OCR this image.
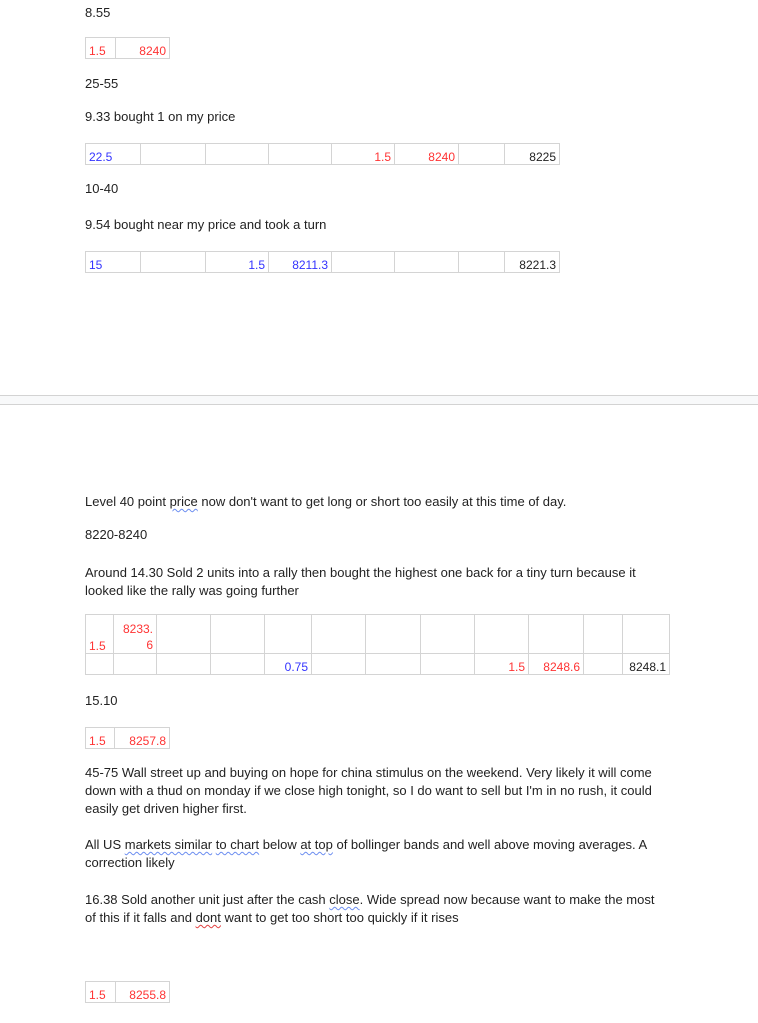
8.55

1.5	8240

25-55

9.33 bought 1 on my price

22.5				1.5	8240		8225

10-40

9.54 bought near my price and took a turn

15		1.5	8211.3				8221.3

Level 40 point price now don't want to get long or short too easily at this time of day.

8220-8240

Around 14.30 Sold 2 units into a rally then bought the highest one back for a tiny turn because it looked like the rally was going further

1.5	8233.6										
				0.75				1.5	8248.6		8248.1

15.10

1.5	8257.8

45-75 Wall street up and buying on hope for china stimulus on the weekend. Very likely it will come down with a thud on monday if we close high tonight, so I do want to sell but I'm in no rush, it could easily get driven higher first.

All US markets similar to chart below at top of bollinger bands and well above moving averages. A correction likely

16.38 Sold another unit just after the cash close. Wide spread now because want to make the most of this if it falls and dont want to get too short too quickly if it rises

1.5	8255.8
